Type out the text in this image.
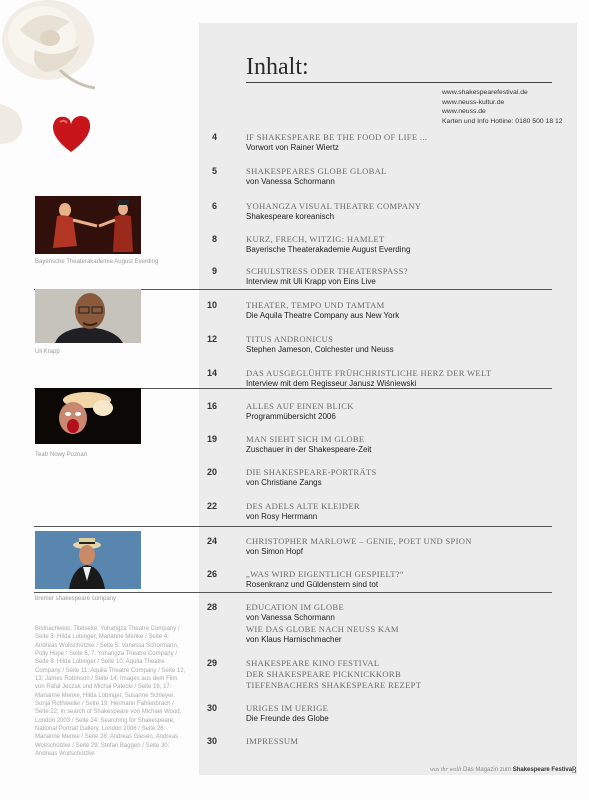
Inhalt:
www.shakespearefestival.de
www.neuss-kultur.de
www.neuss.de
Karten und Info Hotline: 0180 500 18 12
4	IF SHAKESPEARE BE THE FOOD OF LIFE ...
Vorwort von Rainer Wiertz
5	SHAKESPEARES GLOBE GLOBAL
von Vanessa Schormann
6	YOHANGZA VISUAL THEATRE COMPANY
Shakespeare koreanisch
8	KURZ, FRECH, WITZIG: HAMLET
Bayerische Theaterakademie August Everding
9	SCHULSTRESS ODER THEATERSPASS?
Interview mit Uli Krapp von Eins Live
10	THEATER, TEMPO UND TAMTAM
Die Aquila Theatre Company aus New York
12	TITUS ANDRONICUS
Stephen Jameson, Colchester und Neuss
14	DAS AUSGEGLÜHTE FRÜHCHRISTLICHE HERZ DER WELT
Interview mit dem Regisseur Janusz Wiśniewski
16	ALLES AUF EINEN BLICK
Programmübersicht 2006
19	MAN SIEHT SICH IM GLOBE
Zuschauer in der Shakespeare-Zeit
20	DIE SHAKESPEARE-PORTRÄTS
von Christiane Zangs
22	DES ADELS ALTE KLEIDER
von Rosy Herrmann
24	CHRISTOPHER MARLOWE – GENIE, POET UND SPION
von Simon Hopf
26	„WAS WIRD EIGENTLICH GESPIELT?“
Rosenkranz und Güldenstern sind tot
28	EDUCATION IM GLOBE
von Vanessa Schormann
WIE DAS GLOBE NACH NEUSS KAM
von Klaus Harnischmacher
29	SHAKESPEARE KINO FESTIVAL
DER SHAKESPEARE PICKNICKKORB
TIEFENBACHERS SHAKESPEARE REZEPT
30	URIGES IM UERIGE
Die Freunde des Globe
30	IMPRESSUM
Bayerische Theaterakademie August Everding
Uli Krapp
Teatr Nowy Poznań
bremer shakespeare company
Bildnachweis: Titelseite: Yohangza Theatre Company / Seite 3: Hilda Lobinger, Marianne Menke / Seite 4: Andreas Woitschützke / Seite 5: Vanessa Schormann, Polly Hope / Seite 6, 7: Yohangza Theatre Company / Seite 8: Hilda Lobinger / Seite 10: Aquila Theatre Company / Seite 11: Aquila Theatre Company / Seite 12, 13: James Robinson / Seite 14: Images aus dem Film von Rafał Jeczak und Michał Patecki / Seite 16, 17: Marianne Menke, Hilda Lobinger, Susanne Schleyer, Sonja Rothweiler / Seite 19: Hermann Fahlenbrach / Seite 22: In search of Shakespeare von Michael Wood, London 2003 / Seite 24: Searching for Shakespeare, National Portrait Gallery, London 2006 / Seite 26: Marianne Menke / Seite 28: Andreas Giesen, Andreas Woitschützke / Seite 29: Stefan Baggen / Seite 30: Andreas Woitschützke
was ihr wollt Das Magazin zum Shakespeare Festival
3
